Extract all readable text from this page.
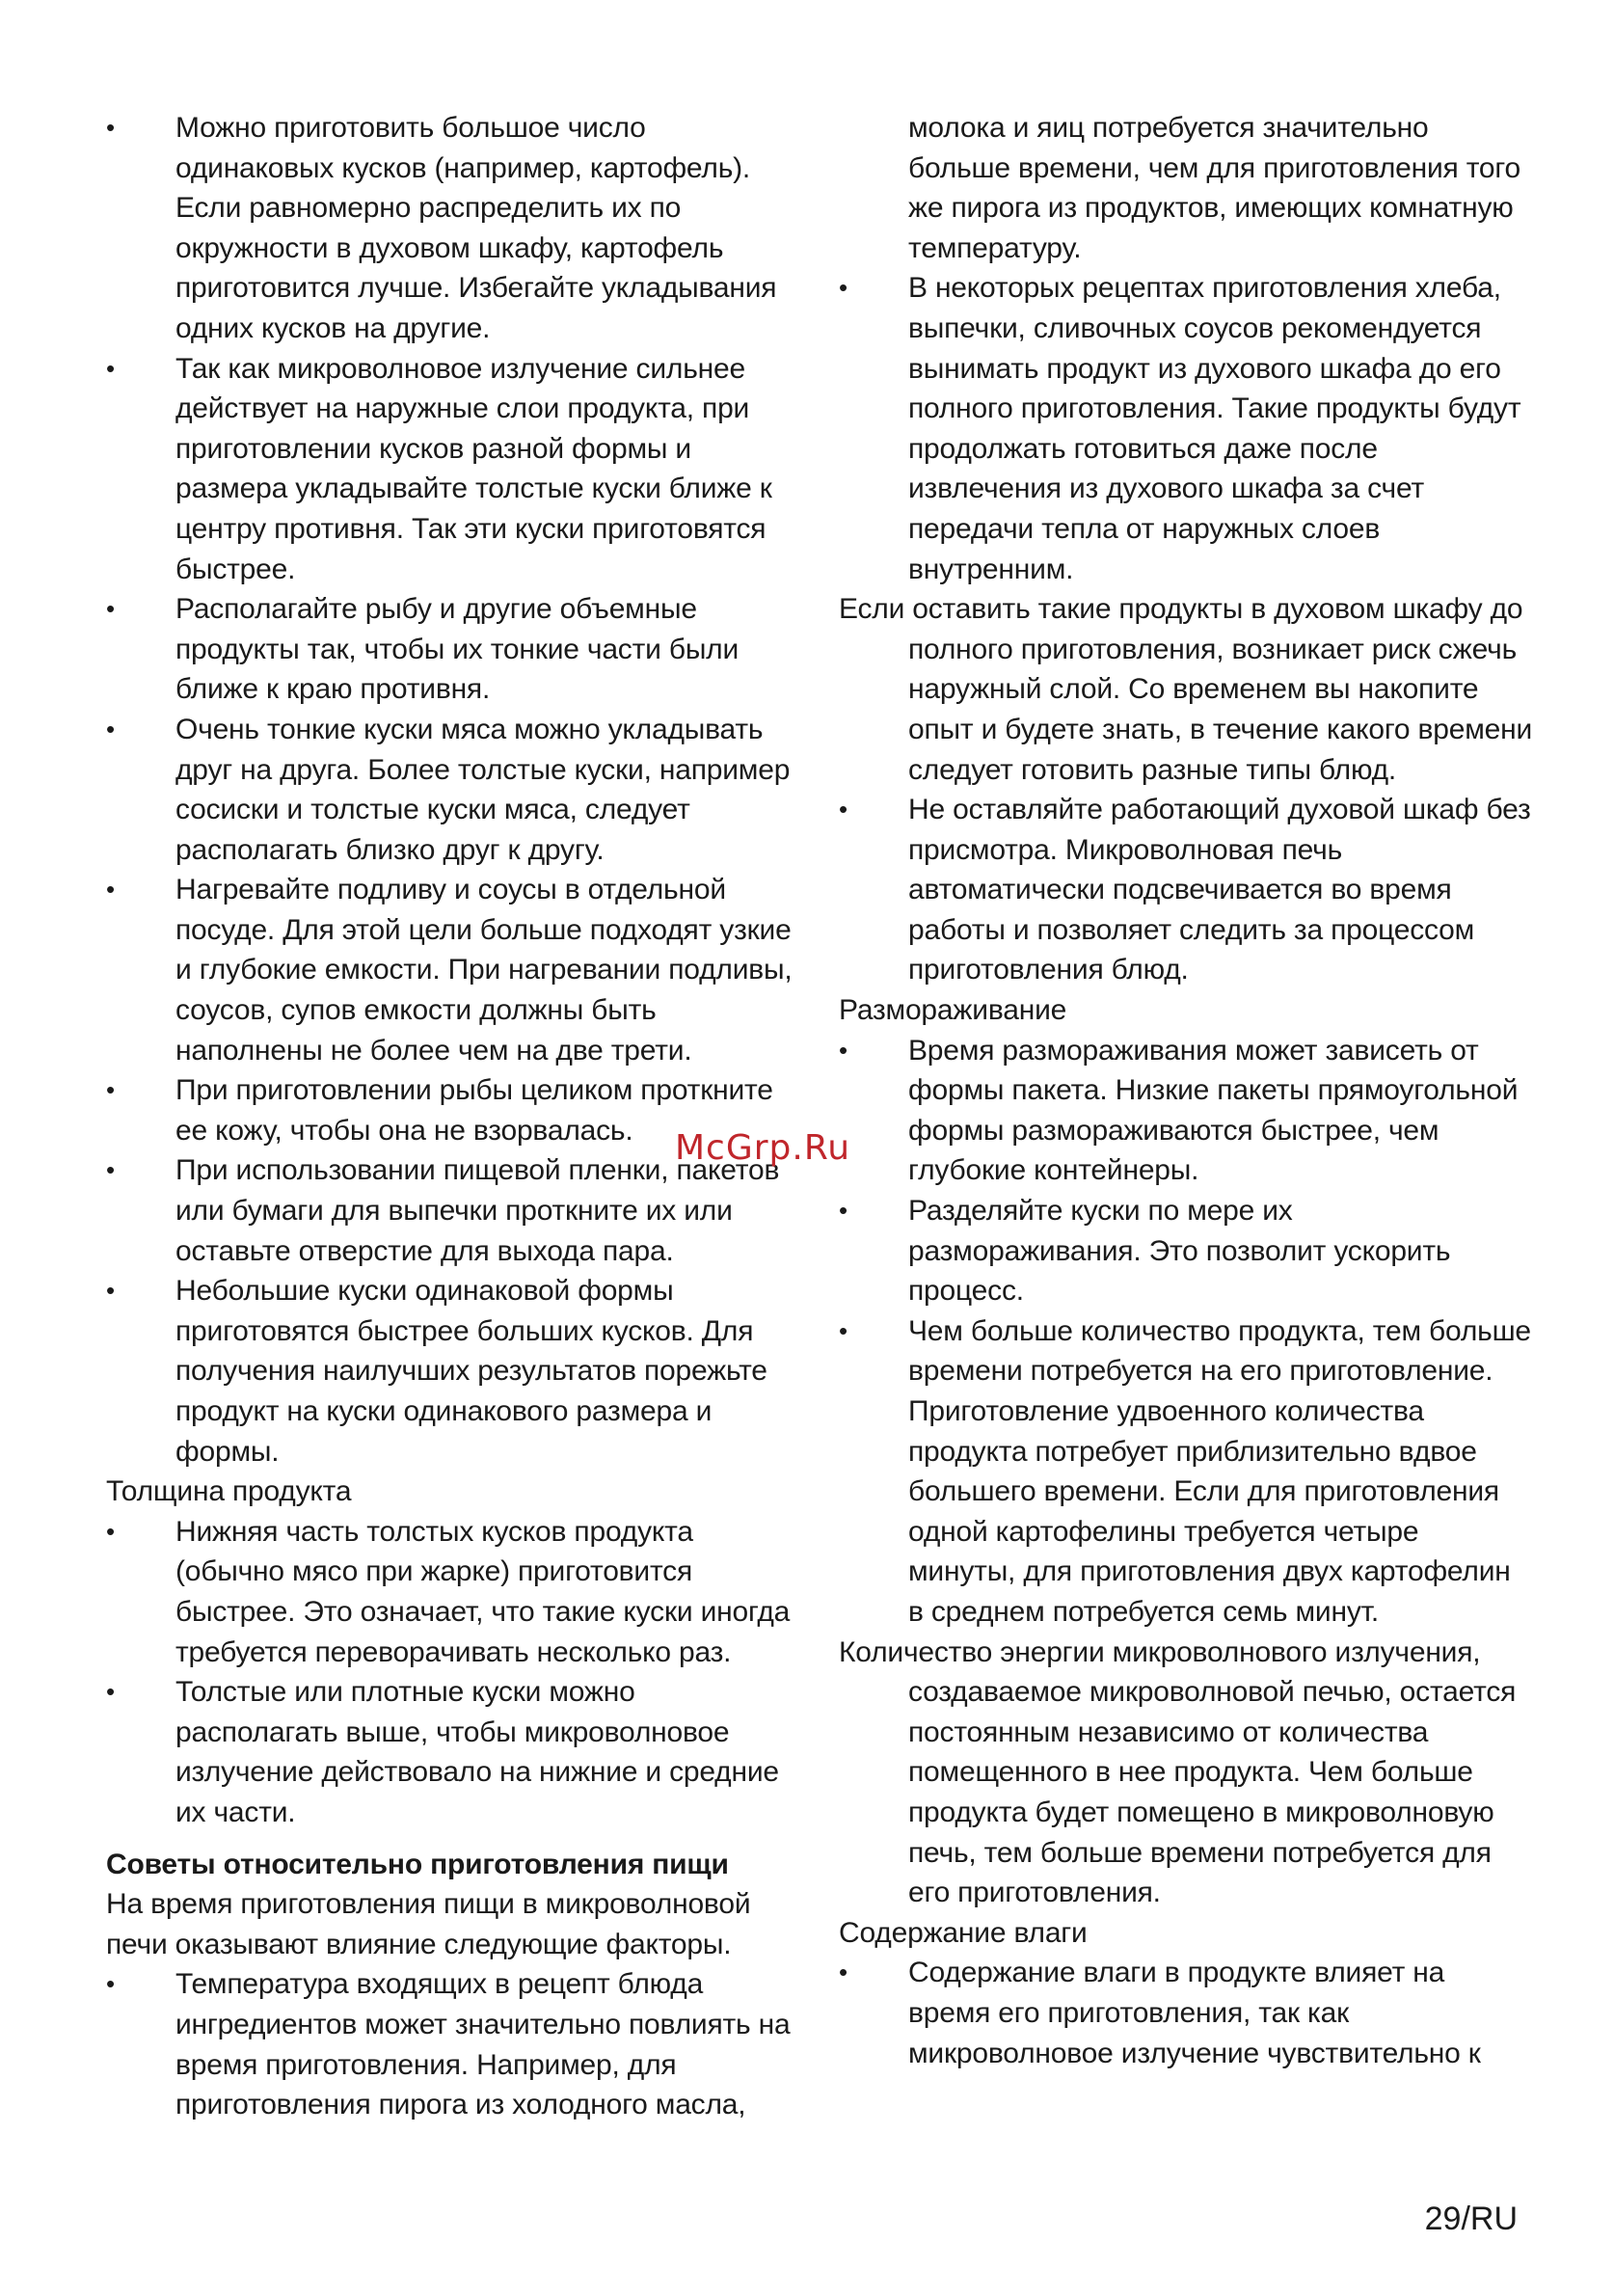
•	Можно приготовить большое число одинаковых кусков (например, картофель). Если равномерно распределить их по окружности в духовом шкафу, картофель приготовится лучше. Избегайте укладывания одних кусков на другие.
•	Так как микроволновое излучение сильнее действует на наружные слои продукта, при приготовлении кусков разной формы и размера укладывайте толстые куски ближе к центру противня. Так эти куски приготовятся быстрее.
•	Располагайте рыбу и другие объемные продукты так, чтобы их тонкие части были ближе к краю противня.
•	Очень тонкие куски мяса можно укладывать друг на друга. Более толстые куски, например сосиски и толстые куски мяса, следует располагать близко друг к другу.
•	Нагревайте подливу и соусы в отдельной посуде. Для этой цели больше подходят узкие и глубокие емкости. При нагревании подливы, соусов, супов емкости должны быть наполнены не более чем на две трети.
•	При приготовлении рыбы целиком проткните ее кожу, чтобы она не взорвалась.
•	При использовании пищевой пленки, пакетов или бумаги для выпечки проткните их или оставьте отверстие для выхода пара.
•	Небольшие куски одинаковой формы приготовятся быстрее больших кусков. Для получения наилучших результатов порежьте продукт на куски одинакового размера и формы.
Толщина продукта
•	Нижняя часть толстых кусков продукта (обычно мясо при жарке) приготовится быстрее. Это означает, что такие куски иногда требуется переворачивать несколько раз.
•	Толстые или плотные куски можно располагать выше, чтобы микроволновое излучение действовало на нижние и средние их части.
Советы относительно приготовления пищи
На время приготовления пищи в микроволновой печи оказывают влияние следующие факторы.
•	Температура входящих в рецепт блюда ингредиентов может значительно повлиять на время приготовления. Например, для приготовления пирога из холодного масла,
молока и яиц потребуется значительно больше времени, чем для приготовления того же пирога из продуктов, имеющих комнатную температуру.
•	В некоторых рецептах приготовления хлеба, выпечки, сливочных соусов рекомендуется вынимать продукт из духового шкафа до его полного приготовления. Такие продукты будут продолжать готовиться даже после извлечения из духового шкафа за счет передачи тепла от наружных слоев внутренним.
Если оставить такие продукты в духовом шкафу до полного приготовления, возникает риск сжечь наружный слой. Со временем вы накопите опыт и будете знать, в течение какого времени следует готовить разные типы блюд.
•	Не оставляйте работающий духовой шкаф без присмотра. Микроволновая печь автоматически подсвечивается во время работы и позволяет следить за процессом приготовления блюд.
Размораживание
•	Время размораживания может зависеть от формы пакета. Низкие пакеты прямоугольной формы размораживаются быстрее, чем глубокие контейнеры.
•	Разделяйте куски по мере их размораживания. Это позволит ускорить процесс.
•	Чем больше количество продукта, тем больше времени потребуется на его приготовление. Приготовление удвоенного количества продукта потребует приблизительно вдвое большего времени. Если для приготовления одной картофелины требуется четыре минуты, для приготовления двух картофелин в среднем потребуется семь минут.
Количество энергии микроволнового излучения, создаваемое микроволновой печью, остается постоянным независимо от количества помещенного в нее продукта. Чем больше продукта будет помещено в микроволновую печь, тем больше времени потребуется для его приготовления.
Содержание влаги
•	Содержание влаги в продукте влияет на время его приготовления, так как микроволновое излучение чувствительно к
McGrp.Ru
29/RU
